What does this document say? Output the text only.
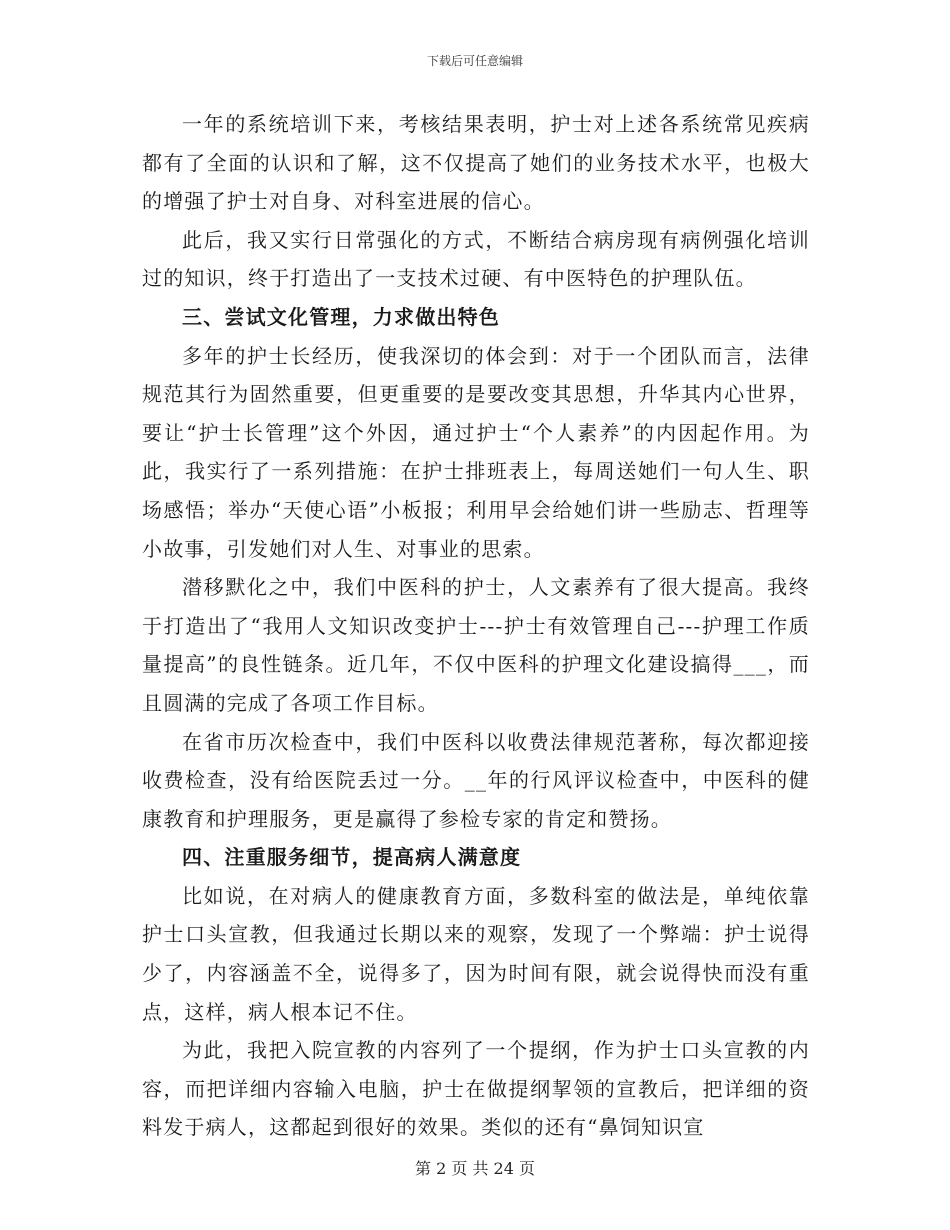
下载后可任意编辑

一年的系统培训下来，考核结果表明，护士对上述各系统常见疾病都有了全面的认识和了解，这不仅提高了她们的业务技术水平，也极大的增强了护士对自身、对科室进展的信心。

此后，我又实行日常强化的方式，不断结合病房现有病例强化培训过的知识，终于打造出了一支技术过硬、有中医特色的护理队伍。

三、尝试文化管理，力求做出特色

多年的护士长经历，使我深切的体会到：对于一个团队而言，法律规范其行为固然重要，但更重要的是要改变其思想，升华其内心世界，要让“护士长管理”这个外因，通过护士“个人素养”的内因起作用。为此，我实行了一系列措施：在护士排班表上，每周送她们一句人生、职场感悟；举办“天使心语”小板报；利用早会给她们讲一些励志、哲理等小故事，引发她们对人生、对事业的思索。

潜移默化之中，我们中医科的护士，人文素养有了很大提高。我终于打造出了“我用人文知识改变护士---护士有效管理自己---护理工作质量提高”的良性链条。近几年，不仅中医科的护理文化建设搞得___，而且圆满的完成了各项工作目标。

在省市历次检查中，我们中医科以收费法律规范著称，每次都迎接收费检查，没有给医院丢过一分。__年的行风评议检查中，中医科的健康教育和护理服务，更是赢得了参检专家的肯定和赞扬。

四、注重服务细节，提高病人满意度

比如说，在对病人的健康教育方面，多数科室的做法是，单纯依靠护士口头宣教，但我通过长期以来的观察，发现了一个弊端：护士说得少了，内容涵盖不全，说得多了，因为时间有限，就会说得快而没有重点，这样，病人根本记不住。

为此，我把入院宣教的内容列了一个提纲，作为护士口头宣教的内容，而把详细内容输入电脑，护士在做提纲挈领的宣教后，把详细的资料发于病人，这都起到很好的效果。类似的还有“鼻饲知识宣

第 2 页 共 24 页
